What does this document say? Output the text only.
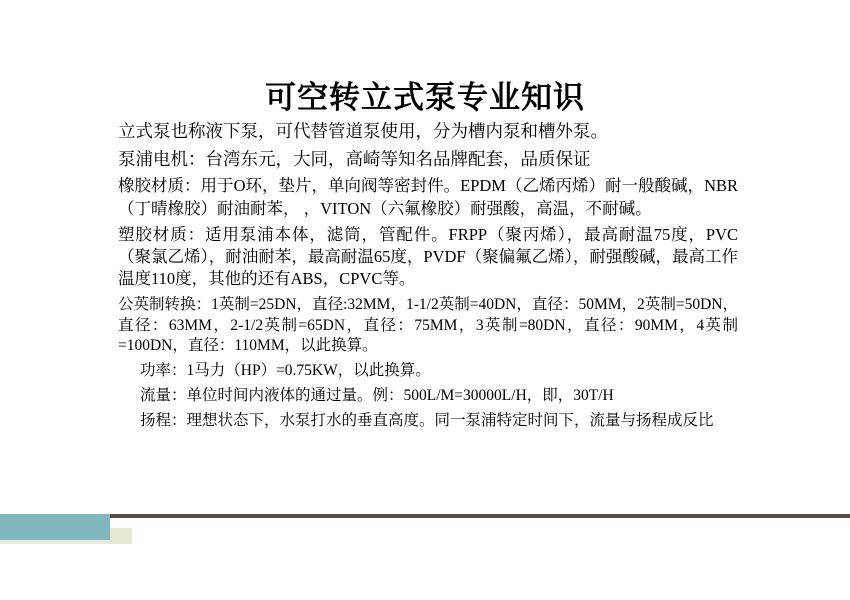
可空转立式泵专业知识

立式泵也称液下泵，可代替管道泵使用，分为槽内泵和槽外泵。

泵浦电机：台湾东元，大同，高崎等知名品牌配套，品质保证

橡胶材质：用于O环，垫片，单向阀等密封件。EPDM（乙烯丙烯）耐一般酸碱，NBR（丁晴橡胶）耐油耐苯， ，VITON（六氟橡胶）耐强酸，高温，不耐碱。

塑胶材质：适用泵浦本体，滤筒，管配件。FRPP（聚丙烯），最高耐温75度，PVC（聚氯乙烯），耐油耐苯，最高耐温65度，PVDF（聚偏氟乙烯），耐强酸碱，最高工作温度110度，其他的还有ABS，CPVC等。

公英制转换：1英制=25DN，直径:32MM，1-1/2英制=40DN，直径：50MM，2英制=50DN，直径：63MM，2-1/2英制=65DN，直径：75MM，3英制=80DN，直径：90MM，4英制=100DN，直径：110MM，以此换算。

功率：1马力（HP）=0.75KW，以此换算。

流量：单位时间内液体的通过量。例：500L/M=30000L/H，即，30T/H

扬程：理想状态下，水泵打水的垂直高度。同一泵浦特定时间下，流量与扬程成反比
